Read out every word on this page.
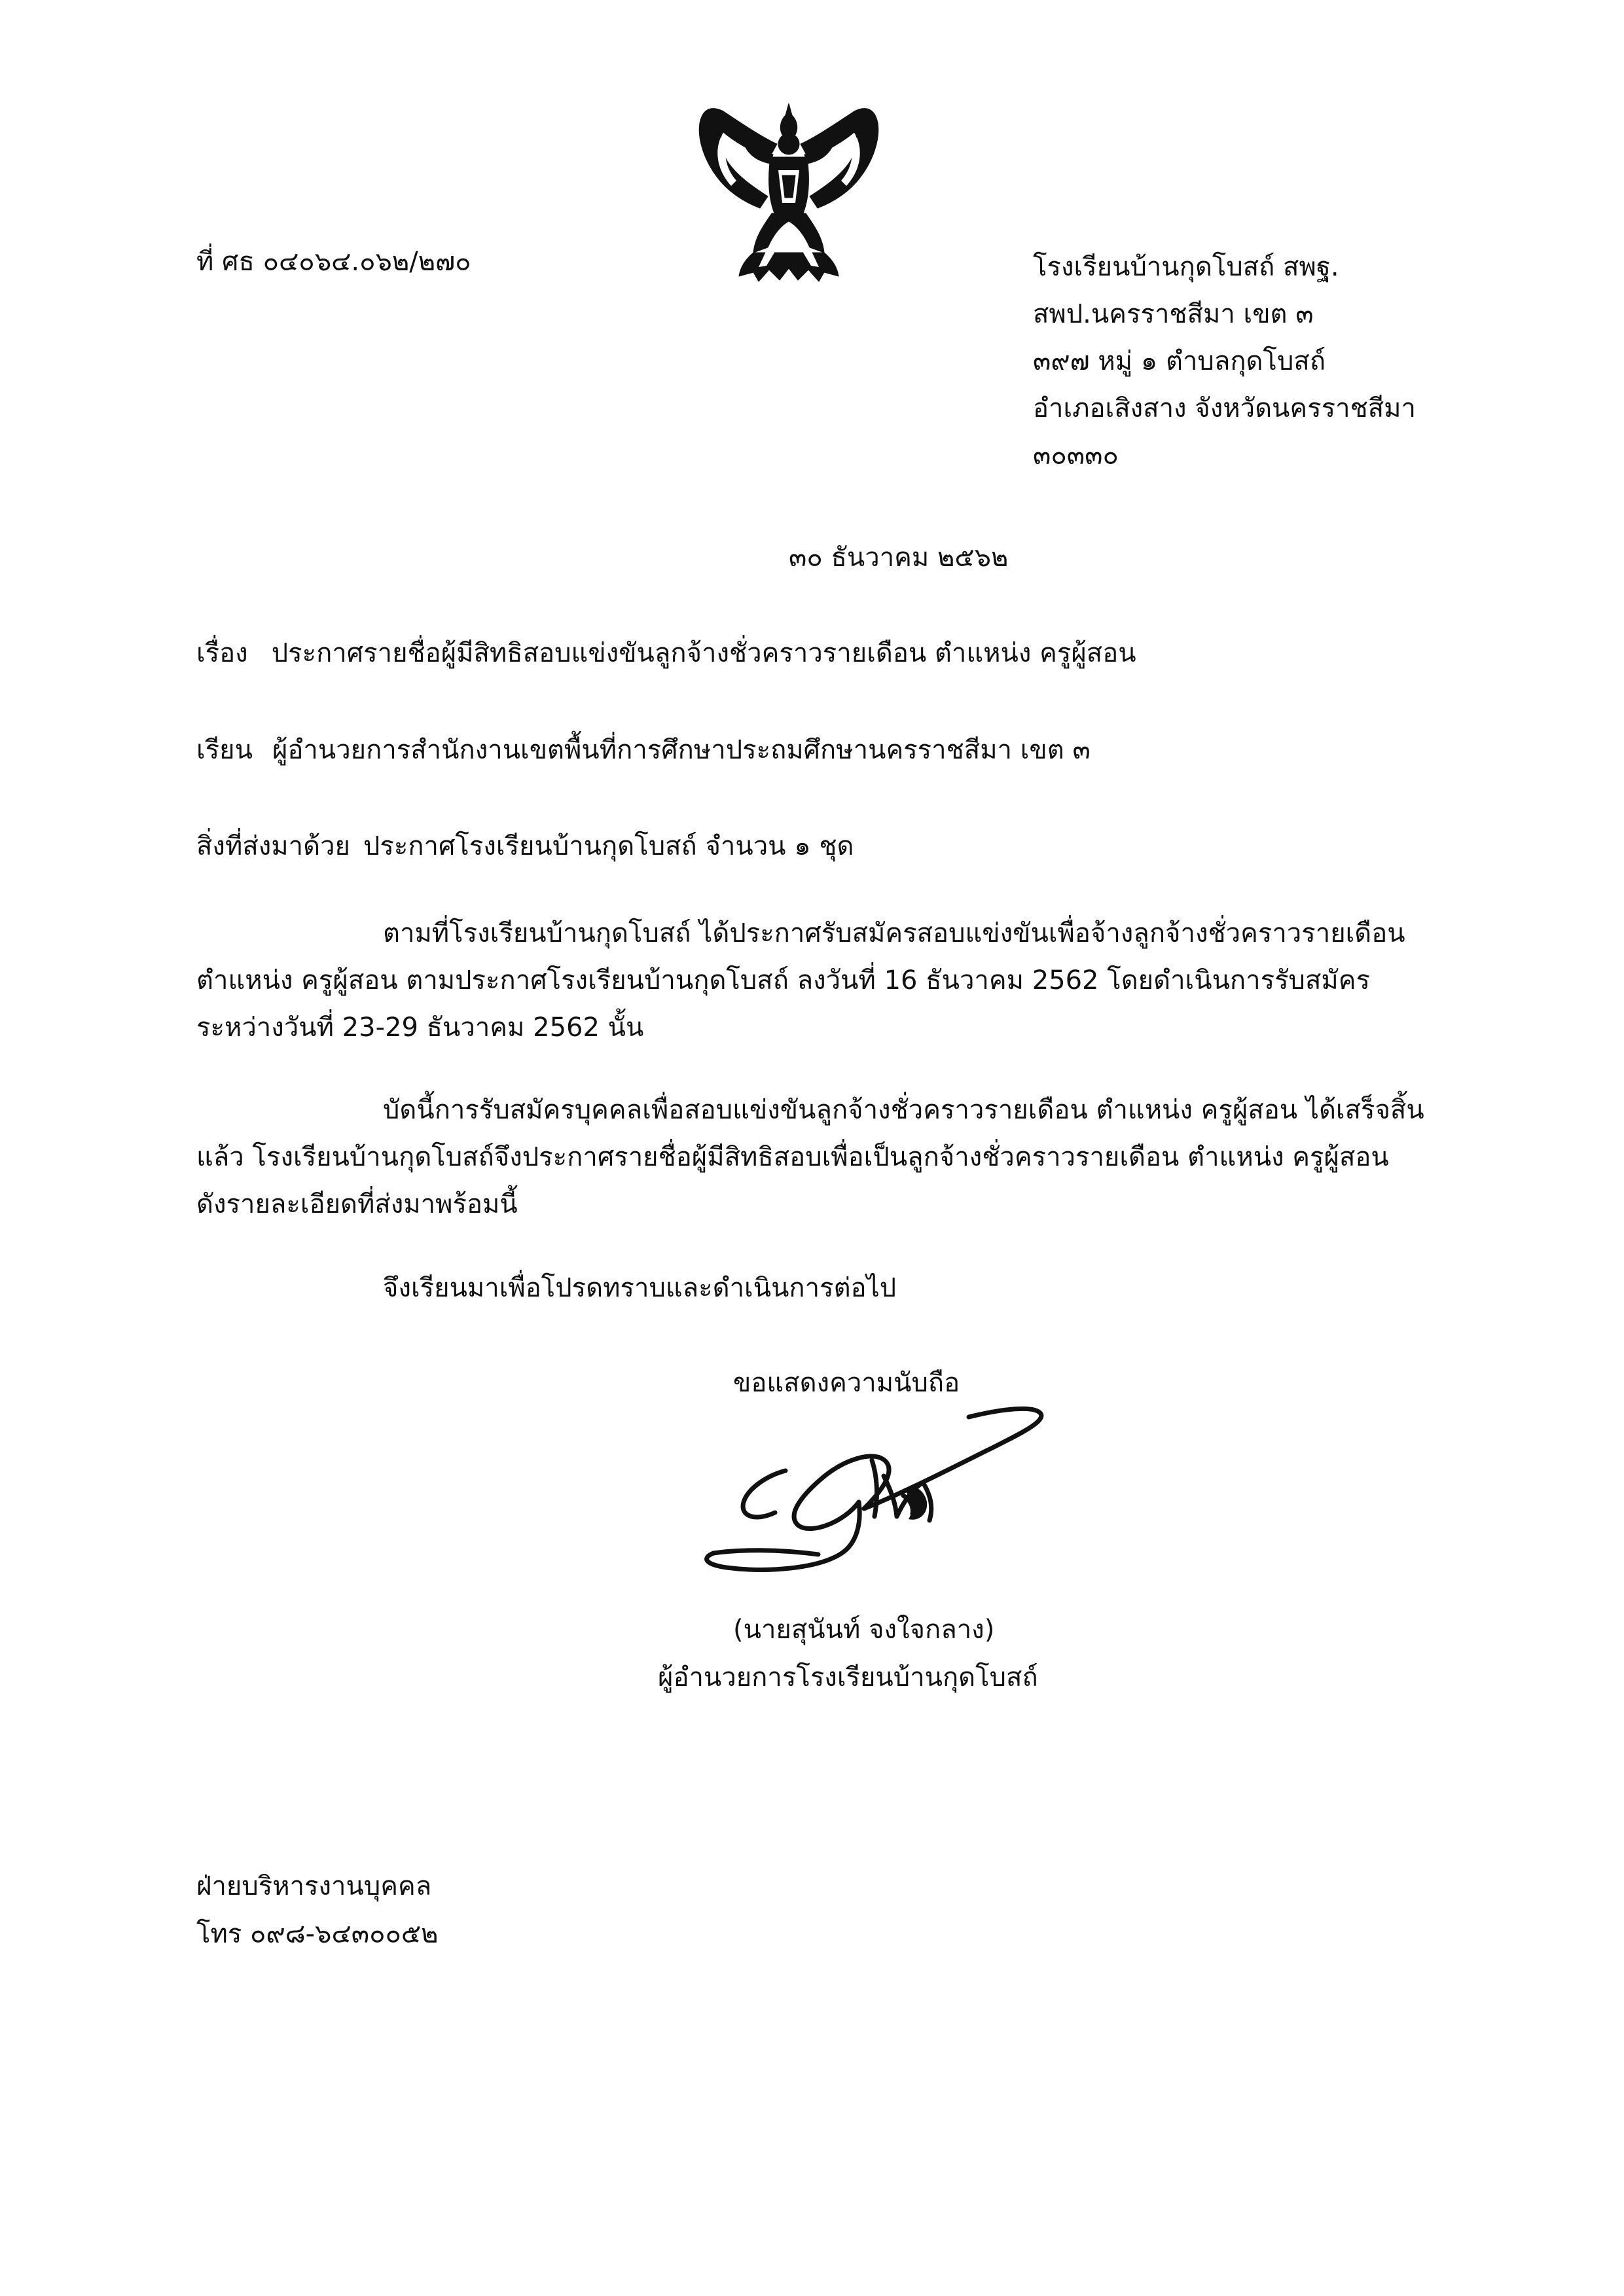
ที่ ศธ ๐๔๐๖๔.๐๖๒/๒๗๐	โรงเรียนบ้านกุดโบสถ์ สพฐ.
สพป.นครราชสีมา เขต ๓
๓๙๗ หมู่ ๑ ตำบลกุดโบสถ์
อำเภอเสิงสาง จังหวัดนครราชสีมา
๓๐๓๓๐
๓๐ ธันวาคม ๒๕๖๒
เรื่อง ประกาศรายชื่อผู้มีสิทธิสอบแข่งขันลูกจ้างชั่วคราวรายเดือน ตำแหน่ง ครูผู้สอน
เรียน ผู้อำนวยการสำนักงานเขตพื้นที่การศึกษาประถมศึกษานครราชสีมา เขต ๓
สิ่งที่ส่งมาด้วย ประกาศโรงเรียนบ้านกุดโบสถ์ จำนวน ๑ ชุด
ตามที่โรงเรียนบ้านกุดโบสถ์ ได้ประกาศรับสมัครสอบแข่งขันเพื่อจ้างลูกจ้างชั่วคราวรายเดือน
ตำแหน่ง ครูผู้สอน ตามประกาศโรงเรียนบ้านกุดโบสถ์ ลงวันที่ 16 ธันวาคม 2562 โดยดำเนินการรับสมัคร
ระหว่างวันที่ 23-29 ธันวาคม 2562 นั้น
บัดนี้การรับสมัครบุคคลเพื่อสอบแข่งขันลูกจ้างชั่วคราวรายเดือน ตำแหน่ง ครูผู้สอน ได้เสร็จสิ้น
แล้ว โรงเรียนบ้านกุดโบสถ์จึงประกาศรายชื่อผู้มีสิทธิสอบเพื่อเป็นลูกจ้างชั่วคราวรายเดือน ตำแหน่ง ครูผู้สอน
ดังรายละเอียดที่ส่งมาพร้อมนี้
จึงเรียนมาเพื่อโปรดทราบและดำเนินการต่อไป
ขอแสดงความนับถือ
(นายสุนันท์ จงใจกลาง)
ผู้อำนวยการโรงเรียนบ้านกุดโบสถ์
ฝ่ายบริหารงานบุคคล
โทร ๐๙๘-๖๔๓๐๐๕๒
